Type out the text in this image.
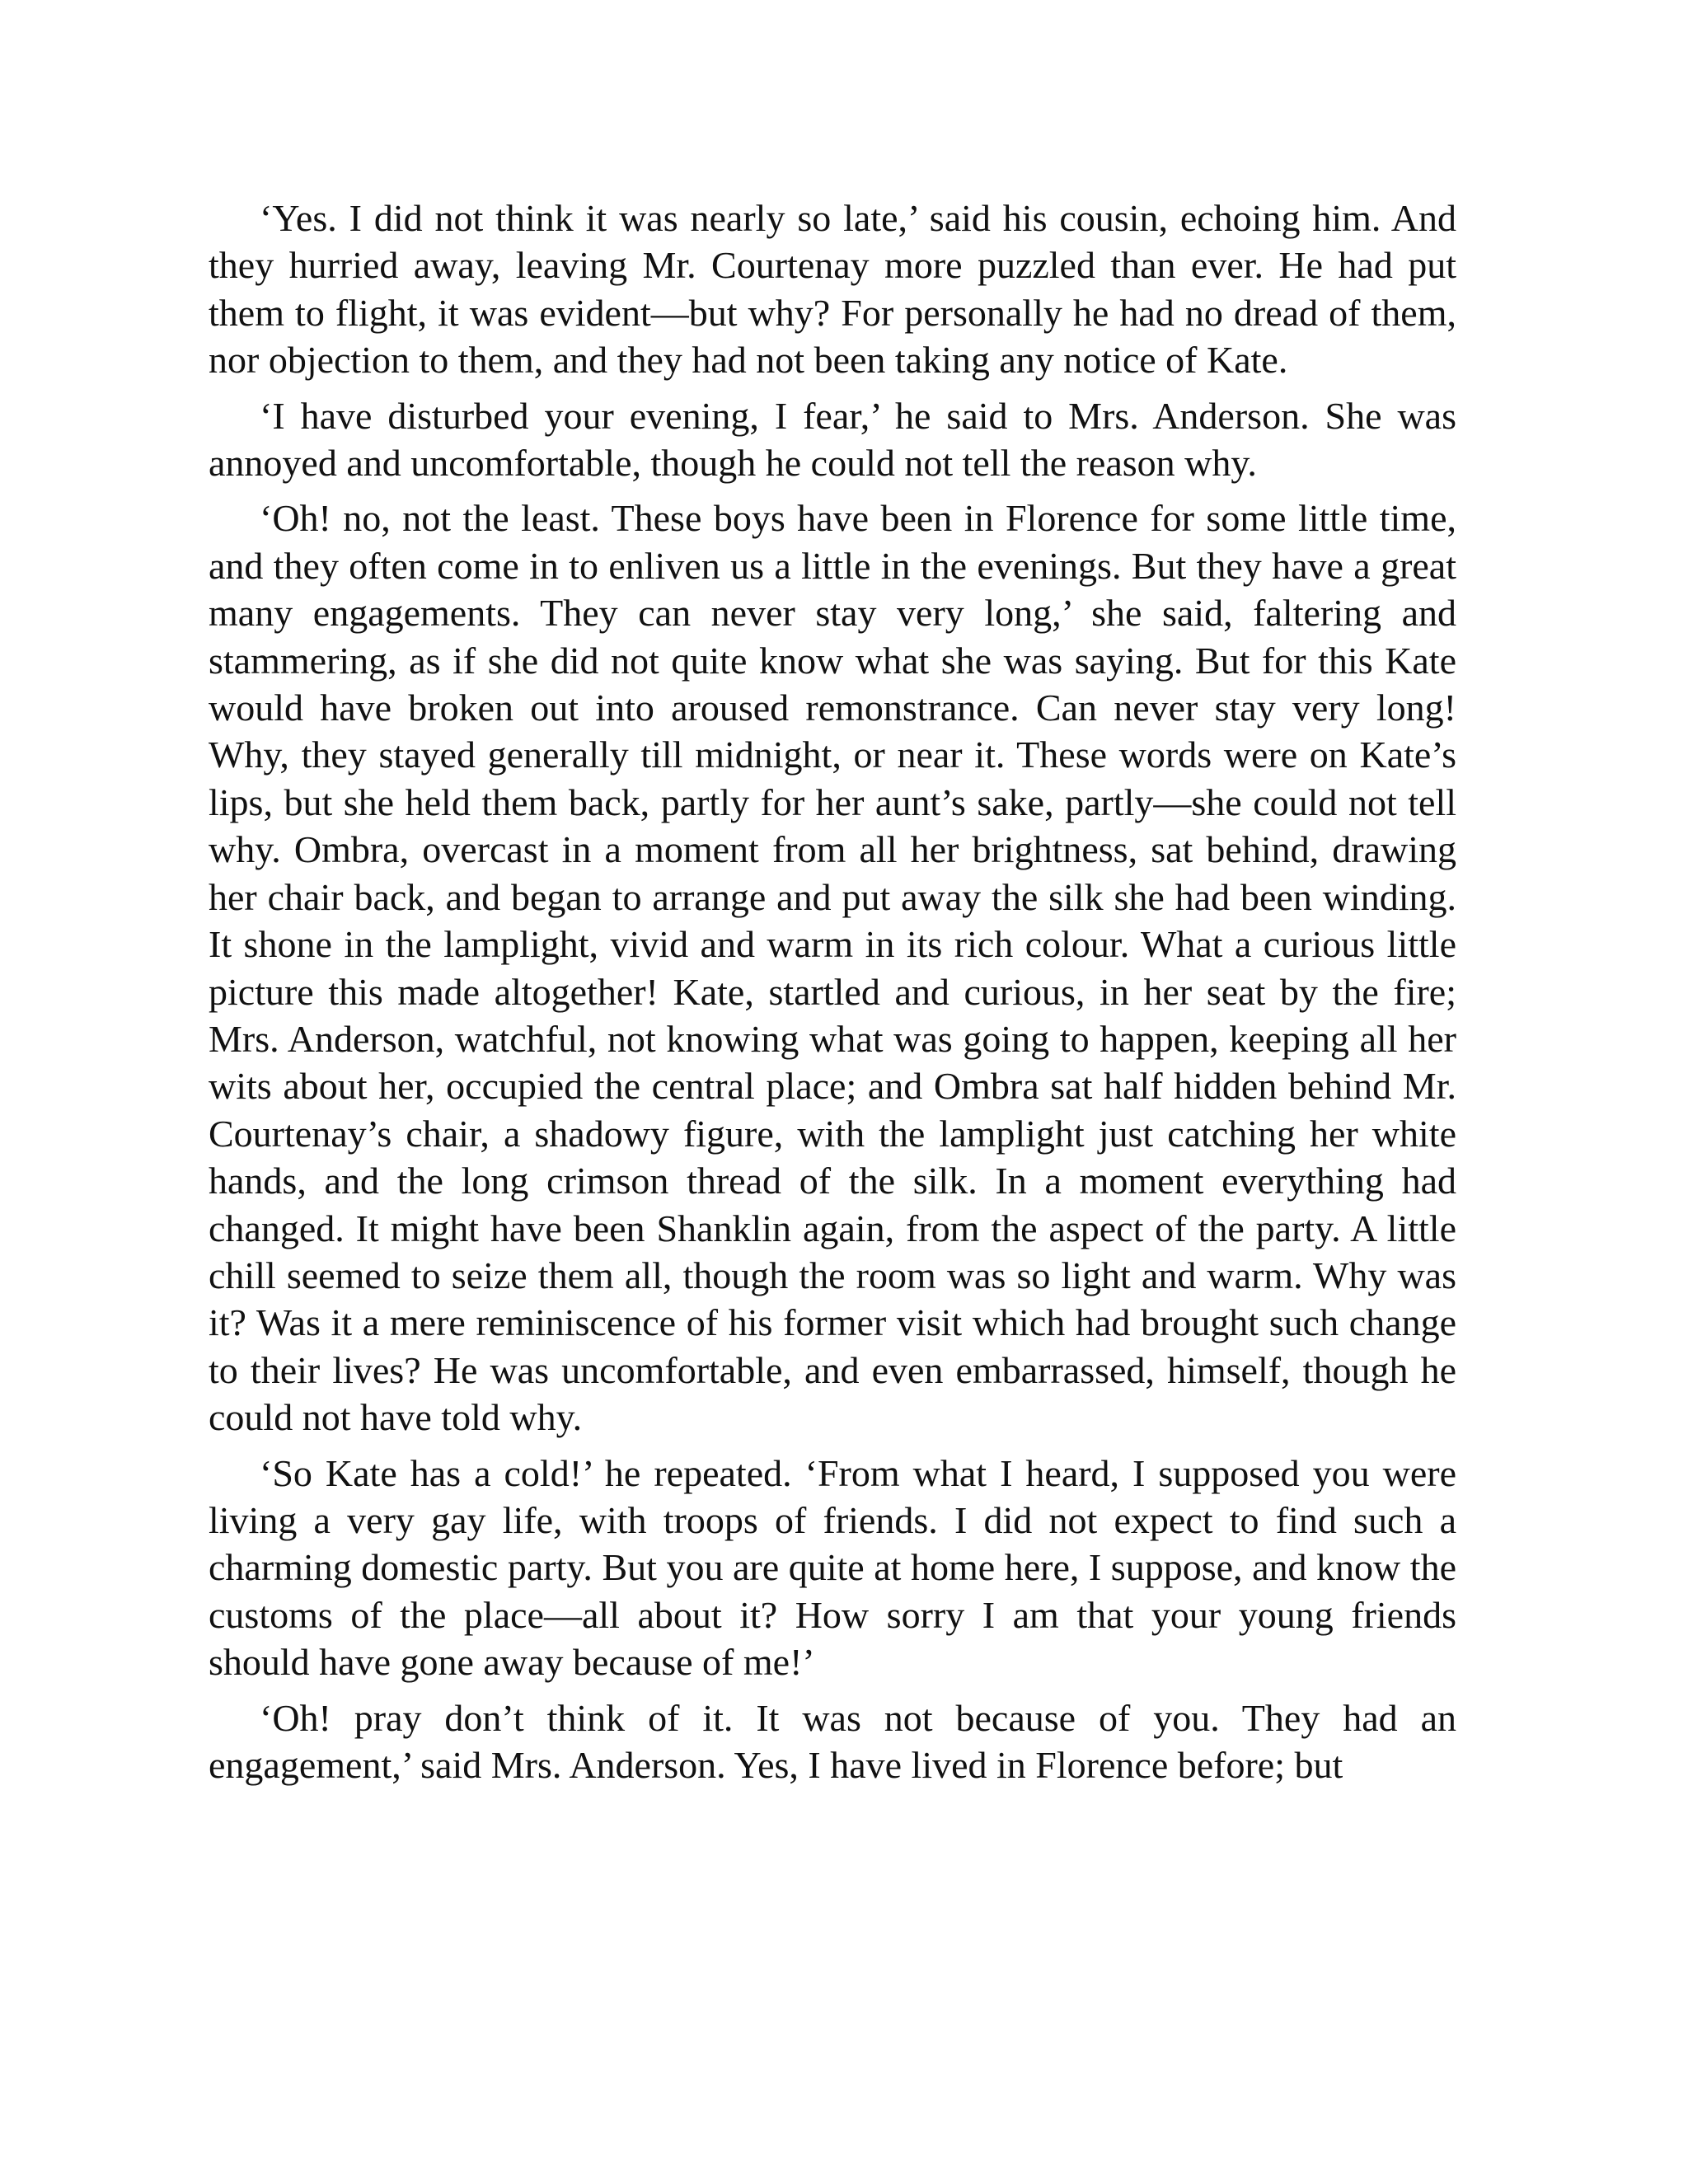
‘Yes. I did not think it was nearly so late,’ said his cousin, echoing him. And they hurried away, leaving Mr. Courtenay more puzzled than ever. He had put them to flight, it was evident—but why? For personally he had no dread of them, nor objection to them, and they had not been taking any notice of Kate.

‘I have disturbed your evening, I fear,’ he said to Mrs. Anderson. She was annoyed and uncomfortable, though he could not tell the reason why.

‘Oh! no, not the least. These boys have been in Florence for some little time, and they often come in to enliven us a little in the evenings. But they have a great many engagements. They can never stay very long,’ she said, faltering and stammering, as if she did not quite know what she was saying. But for this Kate would have broken out into aroused remonstrance. Can never stay very long! Why, they stayed generally till midnight, or near it. These words were on Kate’s lips, but she held them back, partly for her aunt’s sake, partly—she could not tell why. Ombra, overcast in a moment from all her brightness, sat behind, drawing her chair back, and began to arrange and put away the silk she had been winding. It shone in the lamplight, vivid and warm in its rich colour. What a curious little picture this made altogether! Kate, startled and curious, in her seat by the fire; Mrs. Anderson, watchful, not knowing what was going to happen, keeping all her wits about her, occupied the central place; and Ombra sat half hidden behind Mr. Courtenay’s chair, a shadowy figure, with the lamplight just catching her white hands, and the long crimson thread of the silk. In a moment everything had changed. It might have been Shanklin again, from the aspect of the party. A little chill seemed to seize them all, though the room was so light and warm. Why was it? Was it a mere reminiscence of his former visit which had brought such change to their lives? He was uncomfortable, and even embarrassed, himself, though he could not have told why.

‘So Kate has a cold!’ he repeated. ‘From what I heard, I supposed you were living a very gay life, with troops of friends. I did not expect to find such a charming domestic party. But you are quite at home here, I suppose, and know the customs of the place—all about it? How sorry I am that your young friends should have gone away because of me!’

‘Oh! pray don’t think of it. It was not because of you. They had an engagement,’ said Mrs. Anderson. Yes, I have lived in Florence before; but
